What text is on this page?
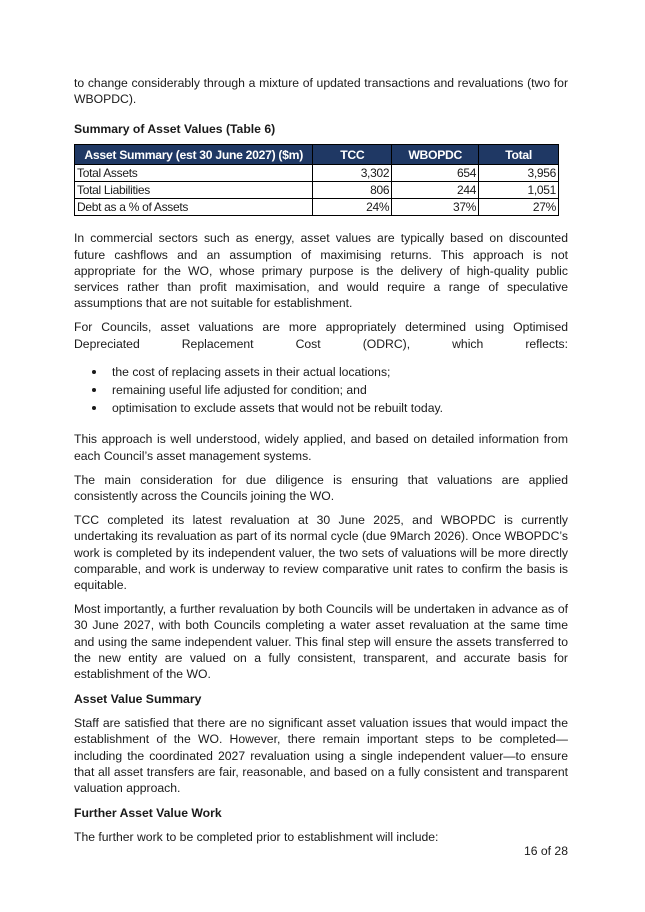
to change considerably through a mixture of updated transactions and revaluations (two for WBOPDC).

Summary of Asset Values (Table 6)
Asset Summary (est 30 June 2027) ($m)	TCC	WBOPDC	Total
Total Assets	3,302	654	3,956
Total Liabilities	806	244	1,051
Debt as a % of Assets	24%	37%	27%

In commercial sectors such as energy, asset values are typically based on discounted future cashflows and an assumption of maximising returns. This approach is not appropriate for the WO, whose primary purpose is the delivery of high-quality public services rather than profit maximisation, and would require a range of speculative assumptions that are not suitable for establishment.

For Councils, asset valuations are more appropriately determined using Optimised Depreciated Replacement Cost (ODRC), which reflects:

the cost of replacing assets in their actual locations;
remaining useful life adjusted for condition; and
optimisation to exclude assets that would not be rebuilt today.

This approach is well understood, widely applied, and based on detailed information from each Council’s asset management systems.

The main consideration for due diligence is ensuring that valuations are applied consistently across the Councils joining the WO.

TCC completed its latest revaluation at 30 June 2025, and WBOPDC is currently undertaking its revaluation as part of its normal cycle (due 9March 2026). Once WBOPDC’s work is completed by its independent valuer, the two sets of valuations will be more directly comparable, and work is underway to review comparative unit rates to confirm the basis is equitable.

Most importantly, a further revaluation by both Councils will be undertaken in advance as of 30 June 2027, with both Councils completing a water asset revaluation at the same time and using the same independent valuer. This final step will ensure the assets transferred to the new entity are valued on a fully consistent, transparent, and accurate basis for establishment of the WO.

Asset Value Summary

Staff are satisfied that there are no significant asset valuation issues that would impact the establishment of the WO. However, there remain important steps to be completed—including the coordinated 2027 revaluation using a single independent valuer—to ensure that all asset transfers are fair, reasonable, and based on a fully consistent and transparent valuation approach.

Further Asset Value Work

The further work to be completed prior to establishment will include:

16 of 28
